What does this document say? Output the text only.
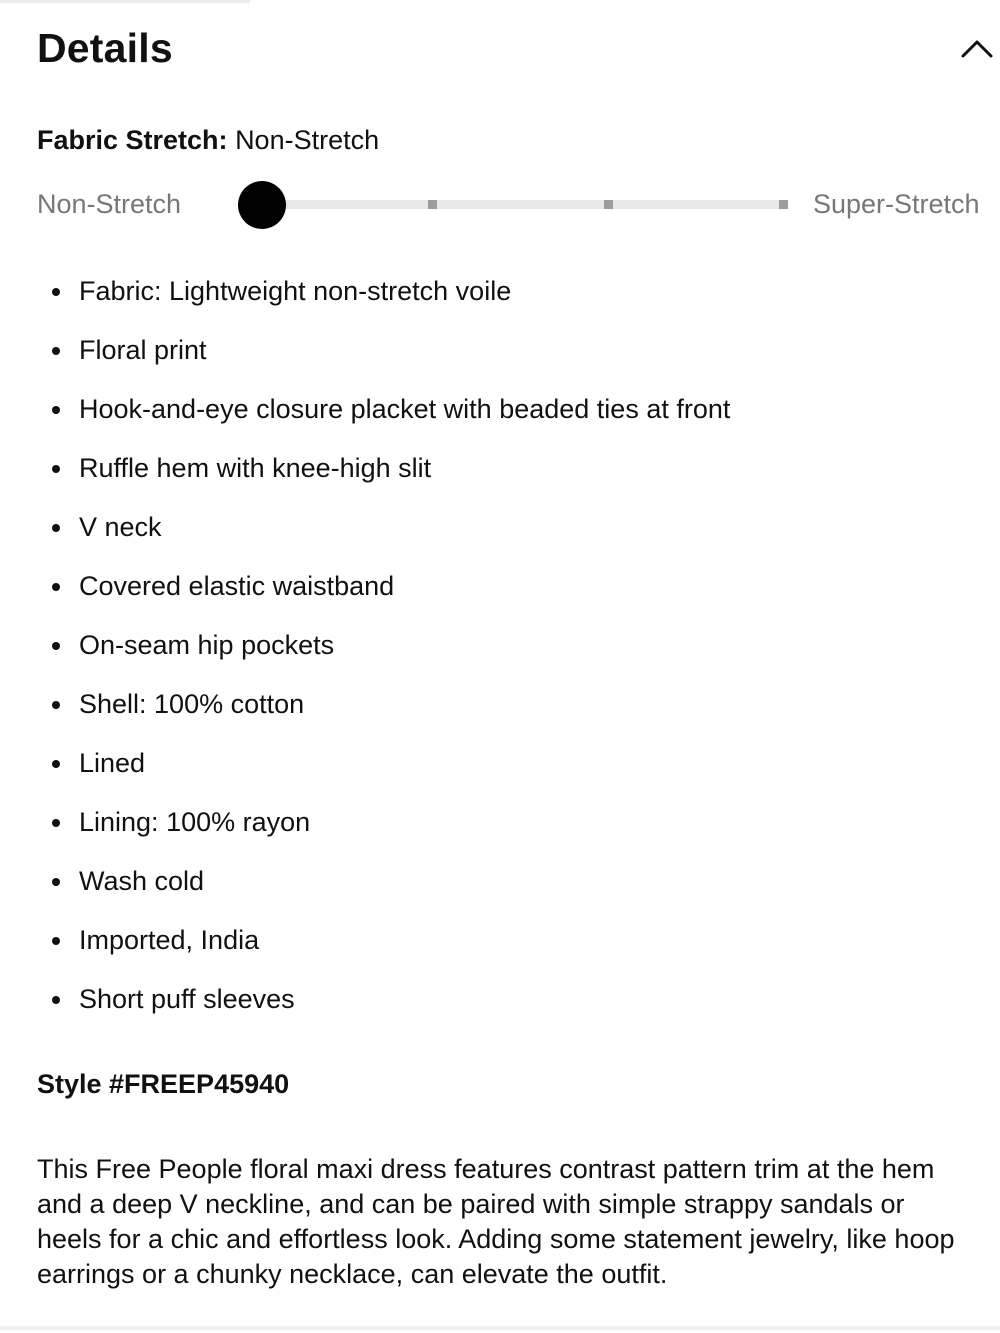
Details
Fabric Stretch: Non-Stretch
Non-Stretch	Super-Stretch
Fabric: Lightweight non-stretch voile
Floral print
Hook-and-eye closure placket with beaded ties at front
Ruffle hem with knee-high slit
V neck
Covered elastic waistband
On-seam hip pockets
Shell: 100% cotton
Lined
Lining: 100% rayon
Wash cold
Imported, India
Short puff sleeves
Style #FREEP45940

This Free People floral maxi dress features contrast pattern trim at the hem and a deep V neckline, and can be paired with simple strappy sandals or heels for a chic and effortless look. Adding some statement jewelry, like hoop earrings or a chunky necklace, can elevate the outfit.
